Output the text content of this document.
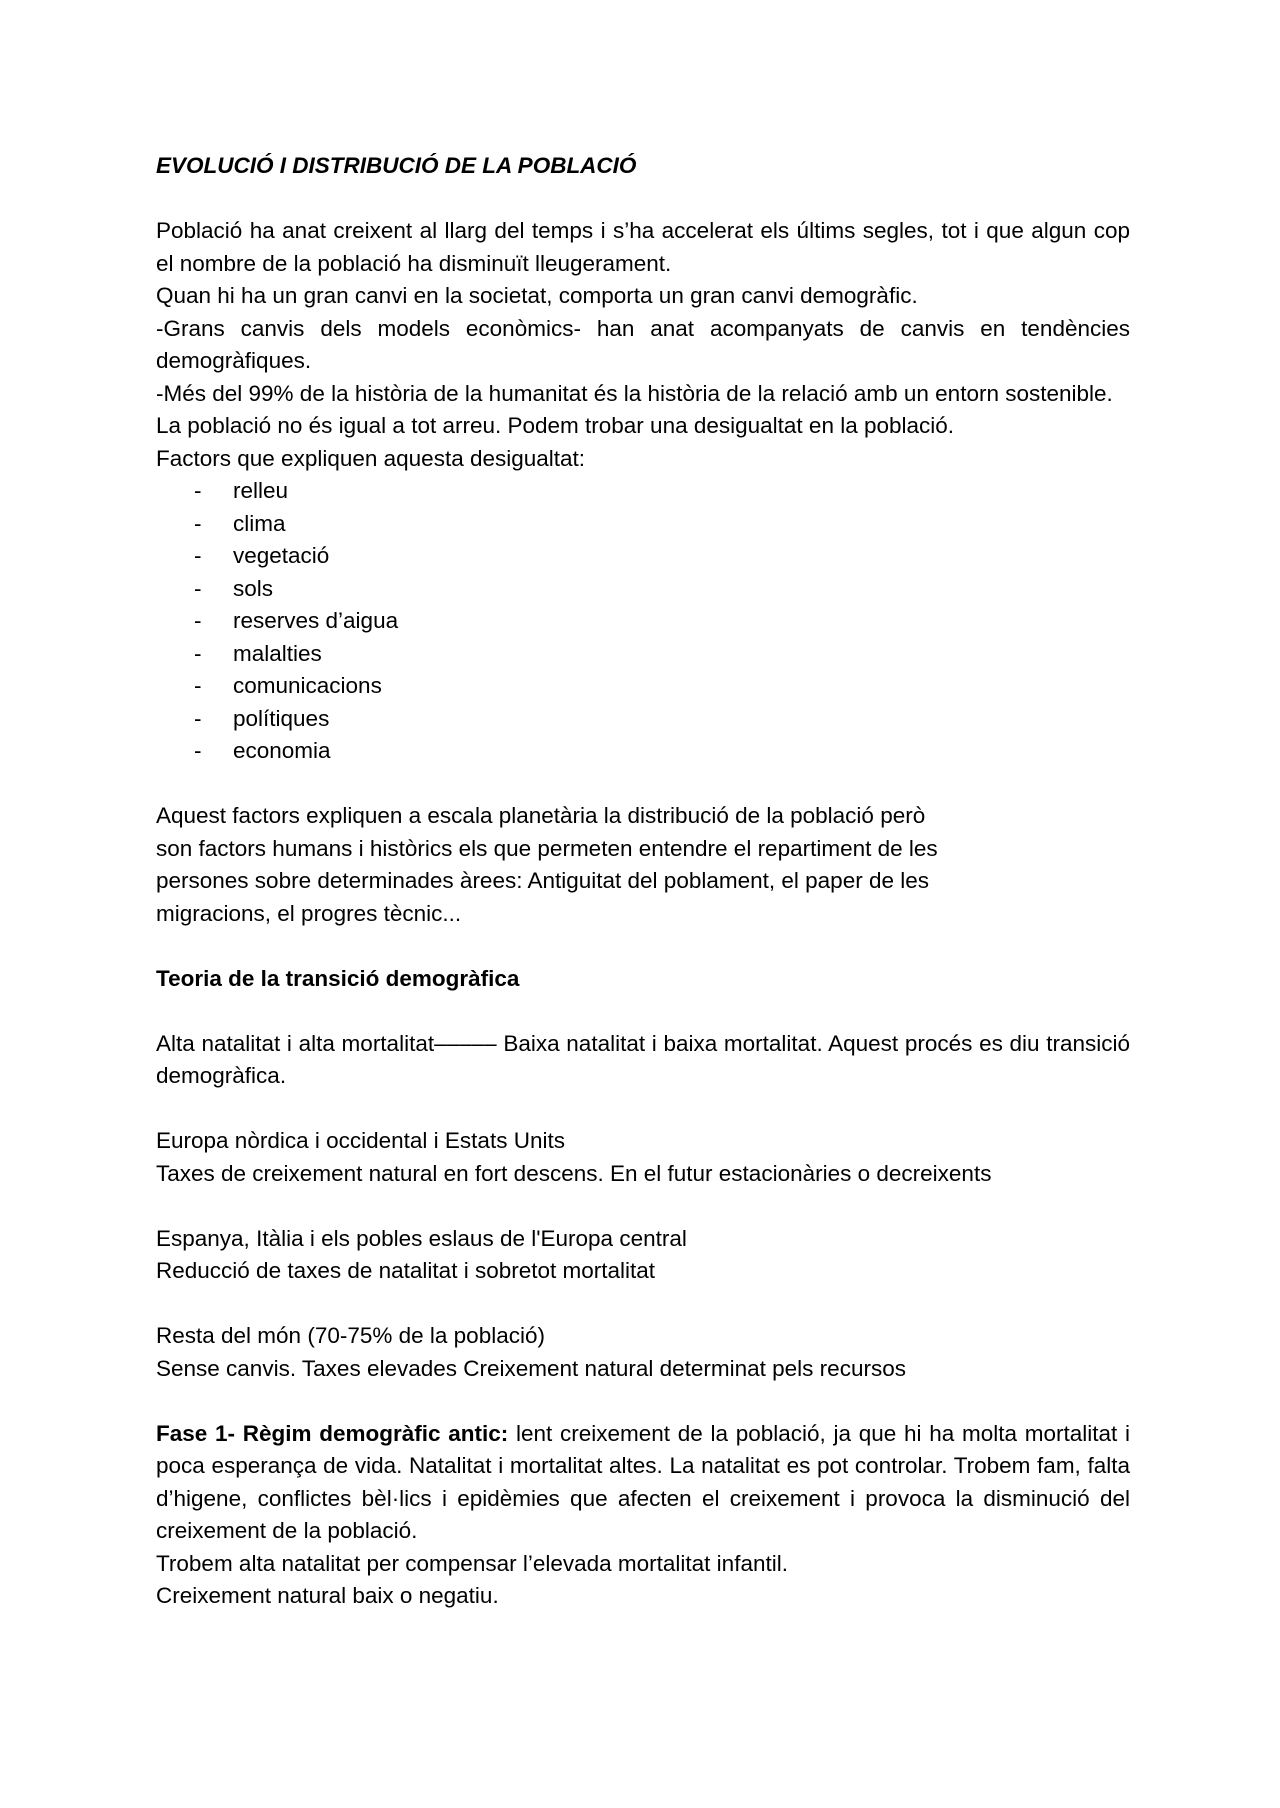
EVOLUCIÓ I DISTRIBUCIÓ DE LA POBLACIÓ

Població ha anat creixent al llarg del temps i s’ha accelerat els últims segles, tot i que algun cop el nombre de la població ha disminuït lleugerament.

Quan hi ha un gran canvi en la societat, comporta un gran canvi demogràfic.

-Grans canvis dels models econòmics- han anat acompanyats de canvis en tendències demogràfiques.

-Més del 99% de la història de la humanitat és la història de la relació amb un entorn sostenible.

La població no és igual a tot arreu. Podem trobar una desigualtat en la població.

Factors que expliquen aquesta desigualtat:

-	relleu
-	clima
-	vegetació
-	sols
-	reserves d’aigua
-	malalties
-	comunicacions
-	polítiques
-	economia

Aquest factors expliquen a escala planetària la distribució de la població però

son factors humans i històrics els que permeten entendre el repartiment de les

persones sobre determinades àrees: Antiguitat del poblament, el paper de les

migracions, el progres tècnic...

Teoria de la transició demogràfica

Alta natalitat i alta mortalitat––––– Baixa natalitat i baixa mortalitat. Aquest procés es diu transició demogràfica.

Europa nòrdica i occidental i Estats Units

Taxes de creixement natural en fort descens. En el futur estacionàries o decreixents

Espanya, Itàlia i els pobles eslaus de l'Europa central

Reducció de taxes de natalitat i sobretot mortalitat

Resta del món (70-75% de la població)

Sense canvis. Taxes elevades Creixement natural determinat pels recursos

Fase 1- Règim demogràfic antic: lent creixement de la població, ja que hi ha molta mortalitat i poca esperança de vida. Natalitat i mortalitat altes. La natalitat es pot controlar. Trobem fam, falta d’higene, conflictes bèl·lics i epidèmies que afecten el creixement i provoca la disminució del creixement de la població.

Trobem alta natalitat per compensar l’elevada mortalitat infantil.

Creixement natural baix o negatiu.
